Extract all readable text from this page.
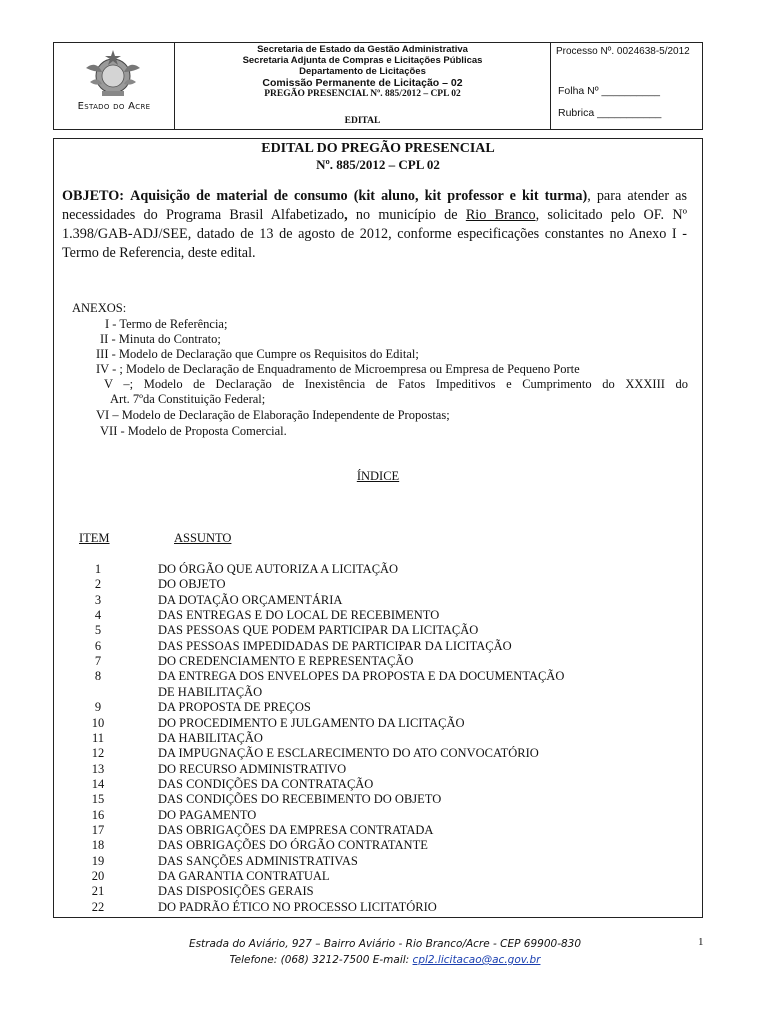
Estado do Acre
Secretaria de Estado da Gestão Administrativa
Secretaria Adjunta de Compras e Licitações Públicas
Departamento de Licitações
Comissão Permanente de Licitação – 02
PREGÃO PRESENCIAL Nº. 885/2012 – CPL 02
EDITAL
Processo Nº. 0024638-5/2012
Folha Nº __________
Rubrica ___________
EDITAL DO PREGÃO PRESENCIAL
Nº. 885/2012 – CPL 02
OBJETO: Aquisição de material de consumo (kit aluno, kit professor e kit turma), para atender as necessidades do Programa Brasil Alfabetizado, no município de Rio Branco, solicitado pelo OF. Nº 1.398/GAB-ADJ/SEE, datado de 13 de agosto de 2012, conforme especificações constantes no Anexo I - Termo de Referencia, deste edital.
ANEXOS:
I - Termo de Referência;
II - Minuta do Contrato;
III - Modelo de Declaração que Cumpre os Requisitos do Edital;
IV - ; Modelo de Declaração de Enquadramento de Microempresa ou Empresa de Pequeno Porte
V –; Modelo de Declaração de Inexistência de Fatos Impeditivos e Cumprimento do XXXIII do
Art. 7ºda Constituição Federal;
VI – Modelo de Declaração de Elaboração Independente de Propostas;
VII - Modelo de Proposta Comercial.
ÍNDICE
ITEM	ASSUNTO
1	DO ÓRGÃO QUE AUTORIZA A LICITAÇÃO
2	DO OBJETO
3	DA DOTAÇÃO ORÇAMENTÁRIA
4	DAS ENTREGAS E DO LOCAL DE RECEBIMENTO
5	DAS PESSOAS QUE PODEM PARTICIPAR DA LICITAÇÃO
6	DAS PESSOAS IMPEDIDADAS DE PARTICIPAR DA LICITAÇÃO
7	DO CREDENCIAMENTO E REPRESENTAÇÃO
8	DA ENTREGA DOS ENVELOPES DA PROPOSTA E DA DOCUMENTAÇÃO
DE HABILITAÇÃO
9	DA PROPOSTA DE PREÇOS
10	DO PROCEDIMENTO E JULGAMENTO DA LICITAÇÃO
11	DA HABILITAÇÃO
12	DA IMPUGNAÇÃO E ESCLARECIMENTO DO ATO CONVOCATÓRIO
13	DO RECURSO ADMINISTRATIVO
14	DAS CONDIÇÕES DA CONTRATAÇÃO
15	DAS CONDIÇÕES DO RECEBIMENTO DO OBJETO
16	DO PAGAMENTO
17	DAS OBRIGAÇÕES DA EMPRESA CONTRATADA
18	DAS OBRIGAÇÕES DO ÓRGÃO CONTRATANTE
19	DAS SANÇÕES ADMINISTRATIVAS
20	DA GARANTIA CONTRATUAL
21	DAS DISPOSIÇÕES GERAIS
22	DO PADRÃO ÉTICO NO PROCESSO LICITATÓRIO
Estrada do Aviário, 927 – Bairro Aviário - Rio Branco/Acre - CEP 69900-830
Telefone: (068) 3212-7500 E-mail: cpl2.licitacao@ac.gov.br
1
